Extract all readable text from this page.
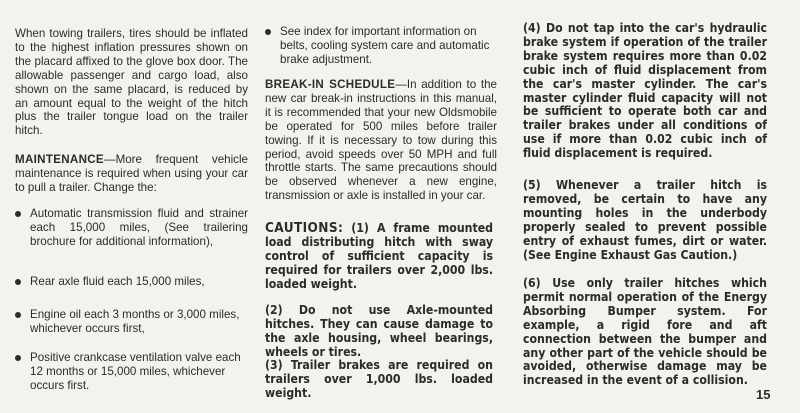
When towing trailers, tires should be inflated to the highest inflation pressures shown on the placard affixed to the glove box door. The allowable passenger and cargo load, also shown on the same placard, is reduced by an amount equal to the weight of the hitch plus the trailer tongue load on the trailer hitch.

MAINTENANCE—More frequent vehicle maintenance is required when using your car to pull a trailer. Change the:

Automatic transmission fluid and strainer each 15,000 miles, (See trailering brochure for additional information),

Rear axle fluid each 15,000 miles,

Engine oil each 3 months or 3,000 miles, whichever occurs first,

Positive crankcase ventilation valve each 12 months or 15,000 miles, whichever occurs first.

See index for important information on belts, cooling system care and automatic brake adjustment.

BREAK-IN SCHEDULE—In addition to the new car break-in instructions in this manual, it is recommended that your new Oldsmobile be operated for 500 miles before trailer towing. If it is necessary to tow during this period, avoid speeds over 50 MPH and full throttle starts. The same precautions should be observed whenever a new engine, transmission or axle is installed in your car.

CAUTIONS: (1) A frame mounted load distributing hitch with sway control of sufficient capacity is required for trailers over 2,000 lbs. loaded weight.

(2) Do not use Axle-mounted hitches. They can cause damage to the axle housing, wheel bearings, wheels or tires.

(3) Trailer brakes are required on trailers over 1,000 lbs. loaded weight.

(4) Do not tap into the car's hydraulic brake system if operation of the trailer brake system requires more than 0.02 cubic inch of fluid displacement from the car's master cylinder. The car's master cylinder fluid capacity will not be sufficient to operate both car and trailer brakes under all conditions of use if more than 0.02 cubic inch of fluid displacement is required.

(5) Whenever a trailer hitch is removed, be certain to have any mounting holes in the underbody properly sealed to prevent possible entry of exhaust fumes, dirt or water. (See Engine Exhaust Gas Caution.)

(6) Use only trailer hitches which permit normal operation of the Energy Absorbing Bumper system. For example, a rigid fore and aft connection between the bumper and any other part of the vehicle should be avoided, otherwise damage may be increased in the event of a collision.

15
